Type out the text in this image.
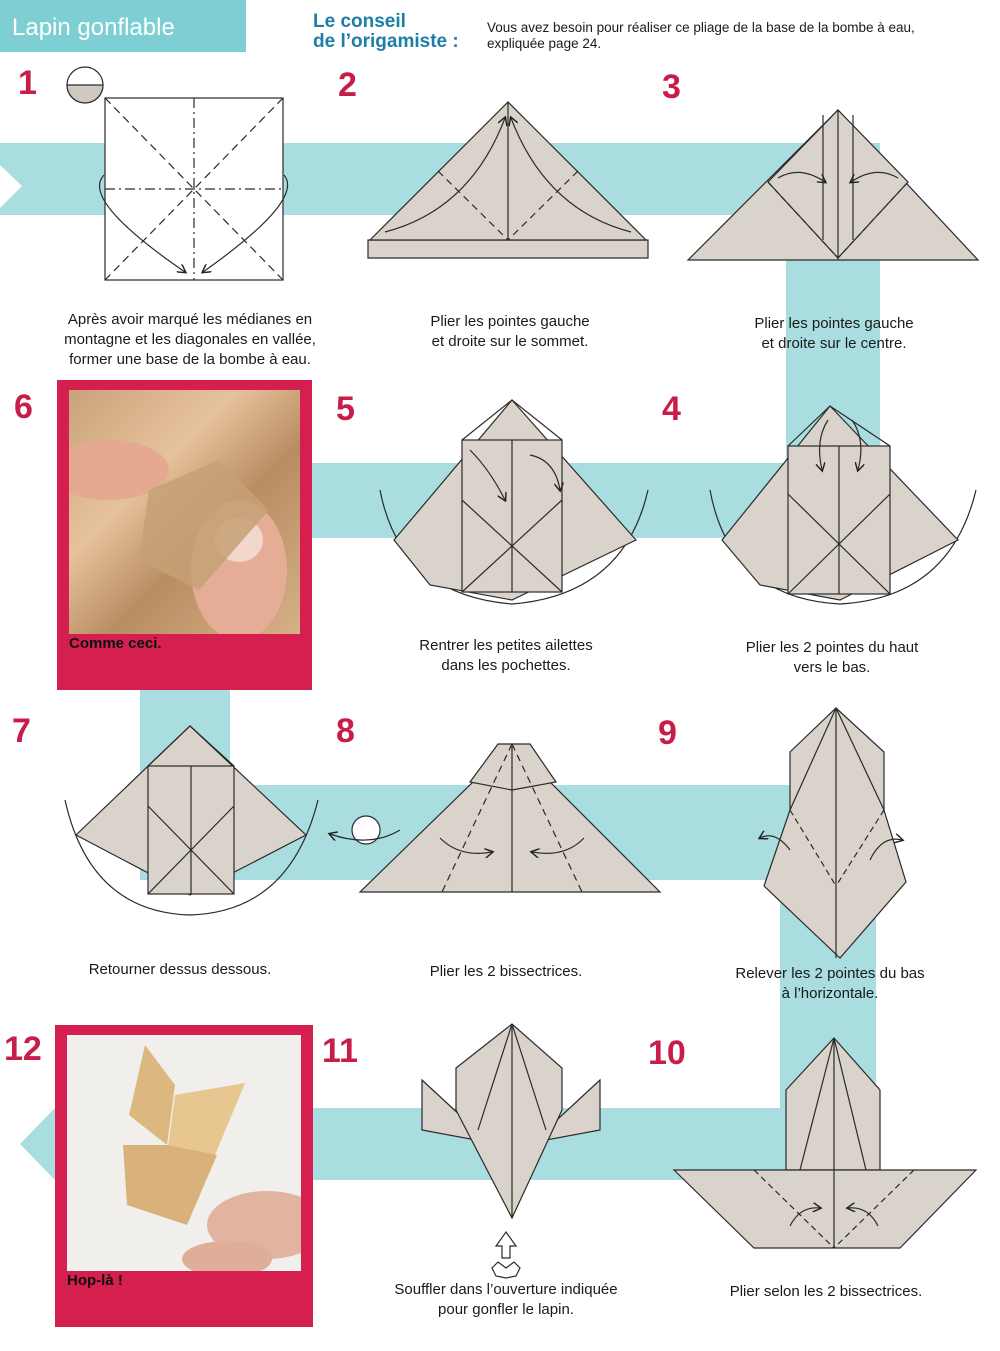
Lapin gonflable	Le conseil
de l’origamiste :
Vous avez besoin pour réaliser ce pliage de la base de la bombe à eau,
expliquée page 24.
1	2	3
4
5
6
7	8	9
10
11
12
Comme ceci.
Hop-là !
Après avoir marqué les médianes en
montagne et les diagonales en vallée,
former une base de la bombe à eau.
Plier les pointes gauche
et droite sur le sommet.
Plier les pointes gauche
et droite sur le centre.
Plier les 2 pointes du haut
vers le bas.
Rentrer les petites ailettes
dans les pochettes.
Retourner dessus dessous.	Plier les 2 bissectrices.	Relever les 2 pointes du bas
à l’horizontale.
Plier selon les 2 bissectrices.
Souffler dans l’ouverture indiquée
pour gonfler le lapin.
